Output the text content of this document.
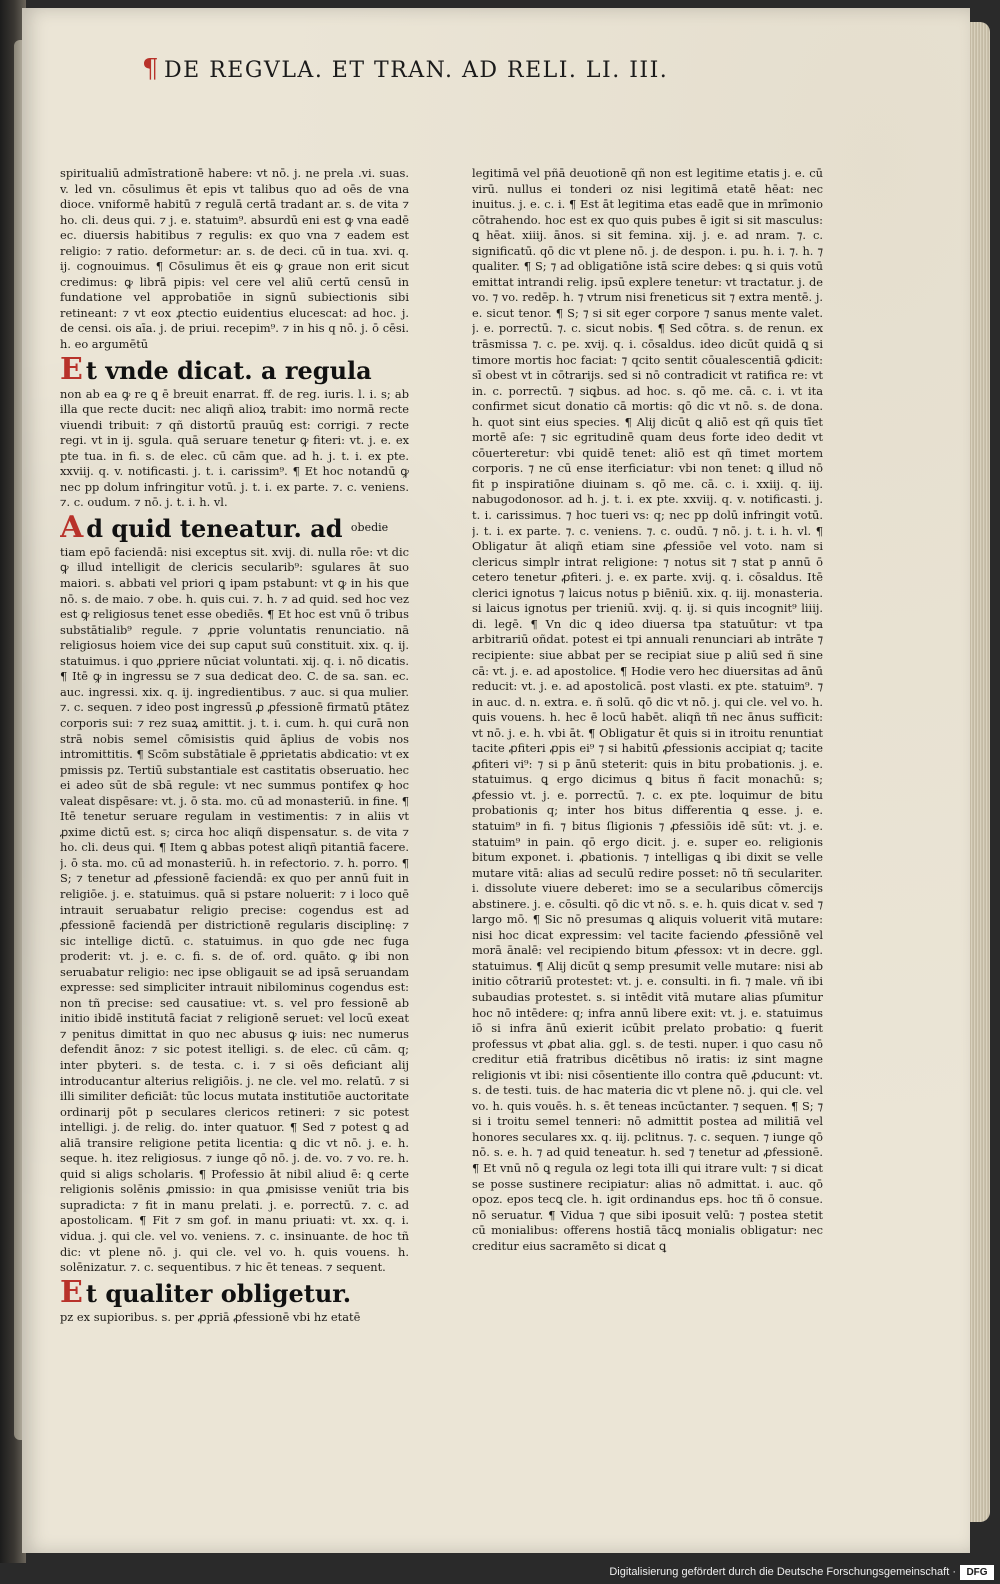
¶ DE REGVLA. ET TRAN. AD RELI. LI. III.

spiritualiū admīstrationē habere: vt nō. j. ne prela .vi. suas. v. led vn. cōsulimus ēt epis vt talibus quo ad oēs de vna dioce. vniformē habitū ⁊ regulā certā tradant ar. s. de vita ⁊ ho. cli. deus qui. ⁊ j. e. statuim⁹. absurdū eni est ꝙ vna eadē ec. diuersis habitibus ⁊ regulis: ex quo vna ⁊ eadem est religio: ⁊ ratio. deformetur: ar. s. de deci. cū in tua. xvi. q. ij. cognouimus. ¶ Cōsulimus ēt eis ꝙ graue non erit sicut credimus: ꝙ librā pipis: vel cere vel aliū certū censū in fundatione vel approbatiōe in signū subiectionis sibi retineant: ⁊ vt eox ꝓtectio euidentius elucescat: ad hoc. j. de censi. ois aīa. j. de priui. recepim⁹. ⁊ in his q nō. j. ō cēsi. h. eo argumētū

E t vnde dicat. a regula

non ab ea ꝙ re ꝗ ē breuit enarrat. ff. de reg. iuris. l. i. s; ab illa que recte ducit: nec aliqñ alioꝝ trabit: imo normā recte viuendi tribuit: ⁊ qñ distortū prauūꝗ est: corrigi. ⁊ recte regi. vt in ij. sgula. quā seruare tenetur ꝙ fiteri: vt. j. e. ex pte tua. in fi. s. de elec. cū cām que. ad h. j. t. i. ex pte. xxviij. q. v. notificasti. j. t. i. carissim⁹. ¶ Et hoc notandū ꝙ nec pp dolum infringitur votū. j. t. i. ex parte. ⁊. c. veniens. ⁊. c. oudum. ⁊ nō. j. t. i. h. vl.

A d quid teneatur. ad $^{obedie}$

tiam epō faciendā: nisi exceptus sit. xvij. di. nulla rōe: vt dic ꝙ illud intelligit de clericis secularib⁹: sgulares āt suo maiori. s. abbati vel priori ꝗ ipam pstabunt: vt ꝙ in his que nō. s. de maio. ⁊ obe. h. quis cui. ⁊. h. ⁊ ad quid. sed hoc vez est ꝙ religiosus tenet esse obediēs. ¶ Et hoc est vnū ō tribus substātialib⁹ regule. ⁊ ꝓprie voluntatis renunciatio. nā religiosus hoiem vice dei sup caput suū constituit. xix. q. ij. statuimus. i quo ꝓpriere nūciat voluntati. xij. q. i. nō dicatis. ¶ Itē ꝙ in ingressu se ⁊ sua dedicat deo. C. de sa. san. ec. auc. ingressi. xix. q. ij. ingredientibus. ⁊ auc. si qua mulier. ⁊. c. sequen. ⁊ ideo post ingressū ꝓ ꝓfessionē firmatū ptātez corporis sui: ⁊ rez suaꝝ amittit. j. t. i. cum. h. qui curā non strā nobis semel cōmisistis quid āplius de vobis nos intromittitis. ¶ Scōm substātiale ē ꝓprietatis abdicatio: vt ex pmissis pz. Tertiū substantiale est castitatis obseruatio. hec ei adeo sūt de sbā regule: vt nec summus pontifex ꝙ hoc valeat dispēsare: vt. j. ō sta. mo. cū ad monasteriū. in fine. ¶ Itē tenetur seruare regulam in vestimentis: ⁊ in aliis vt ꝓxime dictū est. s; circa hoc aliqñ dispensatur. s. de vita ⁊ ho. cli. deus qui. ¶ Item ꝗ abbas potest aliqñ pitantiā facere. j. ō sta. mo. cū ad monasteriū. h. in refectorio. ⁊. h. porro. ¶ S; ⁊ tenetur ad ꝓfessionē faciendā: ex quo per annū fuit in religiōe. j. e. statuimus. quā si pstare noluerit: ⁊ i loco quē intrauit seruabatur religio precise: cogendus est ad ꝓfessionē faciendā per districtionē regularis disciplinę: ⁊ sic intellige dictū. c. statuimus. in quo gde nec fuga proderit: vt. j. e. c. fi. s. de of. ord. quāto. ꝙ ibi non seruabatur religio: nec ipse obligauit se ad ipsā seruandam expresse: sed simpliciter intrauit nibilominus cogendus est: non tñ precise: sed causatiue: vt. s. vel pro fessionē ab initio ibidē institutā faciat ⁊ religionē seruet: vel locū exeat ⁊ penitus dimittat in quo nec abusus ꝙ iuis: nec numerus defendit ānoz: ⁊ sic potest itelligi. s. de elec. cū cām. q; inter pbyteri. s. de testa. c. i. ⁊ si oēs deficiant alij introducantur alterius religiōis. j. ne cle. vel mo. relatū. ⁊ si illi similiter deficiāt: tūc locus mutata institutiōe auctoritate ordinarij pōt p seculares clericos retineri: ⁊ sic potest intelligi. j. de relig. do. inter quatuor. ¶ Sed ⁊ potest ꝗ ad aliā transire religione petita licentia: ꝗ dic vt nō. j. e. h. seque. h. itez religiosus. ⁊ iunge qō nō. j. de. vo. ⁊ vo. re. h. quid si aligs scholaris. ¶ Professio āt nibil aliud ē: ꝗ certe religionis solēnis ꝓmissio: in qua ꝓmisisse veniūt tria bis supradicta: ⁊ fit in manu prelati. j. e. porrectū. ⁊. c. ad apostolicam. ¶ Fit ⁊ sm gof. in manu priuati: vt. xx. q. i. vidua. j. qui cle. vel vo. veniens. ⁊. c. insinuante. de hoc tñ dic: vt plene nō. j. qui cle. vel vo. h. quis vouens. h. solēnizatur. ⁊. c. sequentibus. ⁊ hic ēt teneas. ⁊ sequent.

E t qualiter obligetur.

pz ex supioribus. s. per ꝓpriā ꝓfessionē vbi hz etatē

legitimā vel pñā deuotionē qñ non est legitime etatis j. e. cū virū. nullus ei tonderi oz nisi legitimā etatē hēat: nec inuitus. j. e. c. i. ¶ Est āt legitima etas eadē que in mrīmonio cōtrahendo. hoc est ex quo quis pubes ē igit si sit masculus: ꝗ hēat. xiiij. ānos. si sit femina. xij. j. e. ad nram. ⁊. c. significatū. qō dic vt plene nō. j. de despon. i. pu. h. i. ⁊. h. ⁊ qualiter. ¶ S; ⁊ ad obligatiōne istā scire debes: ꝗ si quis votū emittat intrandi relig. ipsū explere tenetur: vt tractatur. j. de vo. ⁊ vo. redēp. h. ⁊ vtrum nisi freneticus sit ⁊ extra mentē. j. e. sicut tenor. ¶ S; ⁊ si sit eger corpore ⁊ sanus mente valet. j. e. porrectū. ⁊. c. sicut nobis. ¶ Sed cōtra. s. de renun. ex trāsmissa ⁊. c. pe. xvij. q. i. cōsaldus. ideo dicūt quidā ꝗ si timore mortis hoc faciat: ⁊ qcito sentit cōualescentiā ꝙdicit: sī obest vt in cōtrarijs. sed si nō contradicit vt ratifica re: vt in. c. porrectū. ⁊ siꝗbus. ad hoc. s. qō me. cā. c. i. vt ita confirmet sicut donatio cā mortis: qō dic vt nō. s. de dona. h. quot sint eius species. ¶ Alij dicūt ꝗ aliō est qñ quis tīet mortē aſe: ⁊ sic egritudinē quam deus forte ideo dedit vt cōuerteretur: vbi quidē tenet: aliō est qñ timet mortem corporis. ⁊ ne cū ense iterficiatur: vbi non tenet: ꝗ illud nō fit p inspiratiōne diuinam s. qō me. cā. c. i. xxiij. q. iij. nabugodonosor. ad h. j. t. i. ex pte. xxviij. q. v. notificasti. j. t. i. carissimus. ⁊ hoc tueri vs: q; nec pp dolū infringit votū. j. t. i. ex parte. ⁊. c. veniens. ⁊. c. oudū. ⁊ nō. j. t. i. h. vl. ¶ Obligatur āt aliqñ etiam sine ꝓfessiōe vel voto. nam si clericus simplr intrat religione: ⁊ notus sit ⁊ stat p annū ō cetero tenetur ꝓfiteri. j. e. ex parte. xvij. q. i. cōsaldus. Itē clerici ignotus ⁊ laicus notus p biēniū. xix. q. iij. monasteria. si laicus ignotus per trieniū. xvij. q. ij. si quis incognit⁹ liiij. di. legē. ¶ Vn dic ꝗ ideo diuersa tpa statuūtur: vt tpa arbitrariū oñdat. potest ei tpi annuali renunciari ab intrāte ⁊ recipiente: siue abbat per se recipiat siue p aliū sed ñ sine cā: vt. j. e. ad apostolice. ¶ Hodie vero hec diuersitas ad ānū reducit: vt. j. e. ad apostolicā. post vlasti. ex pte. statuim⁹. ⁊ in auc. d. n. extra. e. ñ solū. qō dic vt nō. j. qui cle. vel vo. h. quis vouens. h. hec ē locū habēt. aliqñ tñ nec ānus sufficit: vt nō. j. e. h. vbi āt. ¶ Obligatur ēt quis si in itroitu renuntiat tacite ꝓfiteri ꝓpis ei⁹ ⁊ si habitū ꝓfessionis accipiat q; tacite ꝓfiteri vi⁹: ⁊ si p ānū steterit: quis in bitu probationis. j. e. statuimus. ꝗ ergo dicimus ꝗ bitus ñ facit monachū: s; ꝓfessio vt. j. e. porrectū. ⁊. c. ex pte. loquimur de bitu probationis q; inter hos bitus differentia ꝗ esse. j. e. statuim⁹ in fi. ⁊ bitus ſligionis ⁊ ꝓfessiōis idē sūt: vt. j. e. statuim⁹ in pain. qō ergo dicit. j. e. super eo. religionis bitum exponet. i. ꝓbationis. ⁊ intelligas ꝗ ibi dixit se velle mutare vitā: alias ad seculū redire posset: nō tñ seculariter. i. dissolute viuere deberet: imo se a secularibus cōmercijs abstinere. j. e. cōsulti. qō dic vt nō. s. e. h. quis dicat v. sed ⁊ largo mō. ¶ Sic nō presumas ꝗ aliquis voluerit vitā mutare: nisi hoc dicat expressim: vel tacite faciendo ꝓfessiōnē vel morā ānalē: vel recipiendo bitum ꝓfessox: vt in decre. ggl. statuimus. ¶ Alij dicūt ꝗ semp presumit velle mutare: nisi ab initio cōtrariū protestet: vt. j. e. consulti. in fi. ⁊ male. vñ ibi subaudias protestet. s. si intēdit vitā mutare alias pſumitur hoc nō intēdere: q; infra annū libere exit: vt. j. e. statuimus iō si infra ānū exierit icūbit prelato probatio: ꝗ fuerit professus vt ꝓbat alia. ggl. s. de testi. nuper. i quo casu nō creditur etiā fratribus dicētibus nō iratis: iz sint magne religionis vt ibi: nisi cōsentiente illo contra quē ꝓducunt: vt. s. de testi. tuis. de hac materia dic vt plene nō. j. qui cle. vel vo. h. quis vouēs. h. s. ēt teneas incūctanter. ⁊ sequen. ¶ S; ⁊ si i troitu semel tenneri: nō admittit postea ad militiā vel honores seculares xx. q. iij. pclitnus. ⁊. c. sequen. ⁊ iunge qō nō. s. e. h. ⁊ ad quid teneatur. h. sed ⁊ tenetur ad ꝓfessionē. ¶ Et vnū nō ꝗ regula oz legi tota illi qui itrare vult: ⁊ si dicat se posse sustinere recipiatur: alias nō admittat. i. auc. qō opoz. epos tecꝗ cle. h. igit ordinandus eps. hoc tñ ō consue. nō seruatur. ¶ Vidua ⁊ que sibi iposuit velū: ⁊ postea stetit cū monialibus: offerens hostiā tācꝗ monialis obligatur: nec creditur eius sacramēto si dicat ꝗ

Digitalisierung gefördert durch die Deutsche Forschungsgemeinschaft ·	DFG
